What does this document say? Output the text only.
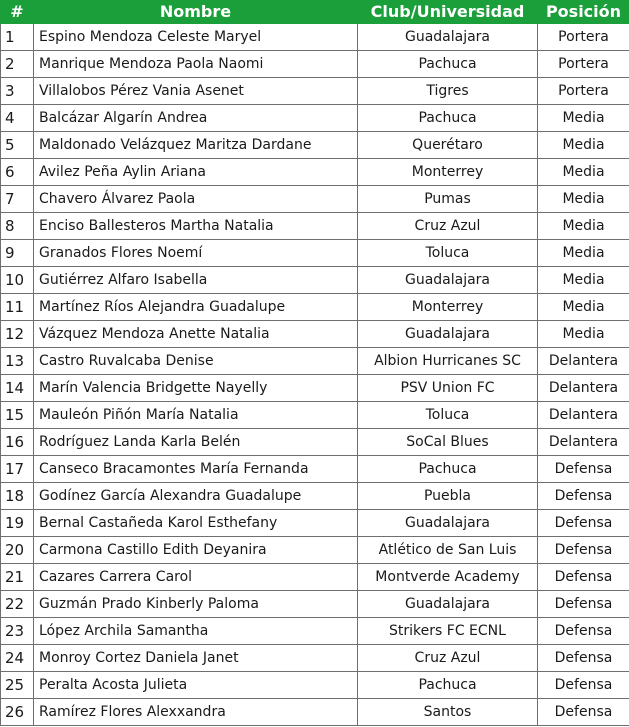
#	Nombre	Club/Universidad	Posición
1	Espino Mendoza Celeste Maryel	Guadalajara	Portera
2	Manrique Mendoza Paola Naomi	Pachuca	Portera
3	Villalobos Pérez Vania Asenet	Tigres	Portera
4	Balcázar Algarín Andrea	Pachuca	Media
5	Maldonado Velázquez Maritza Dardane	Querétaro	Media
6	Avilez Peña Aylin Ariana	Monterrey	Media
7	Chavero Álvarez Paola	Pumas	Media
8	Enciso Ballesteros Martha Natalia	Cruz Azul	Media
9	Granados Flores Noemí	Toluca	Media
10	Gutiérrez Alfaro Isabella	Guadalajara	Media
11	Martínez Ríos Alejandra Guadalupe	Monterrey	Media
12	Vázquez Mendoza Anette Natalia	Guadalajara	Media
13	Castro Ruvalcaba Denise	Albion Hurricanes SC	Delantera
14	Marín Valencia Bridgette Nayelly	PSV Union FC	Delantera
15	Mauleón Piñón María Natalia	Toluca	Delantera
16	Rodríguez Landa Karla Belén	SoCal Blues	Delantera
17	Canseco Bracamontes María Fernanda	Pachuca	Defensa
18	Godínez García Alexandra Guadalupe	Puebla	Defensa
19	Bernal Castañeda Karol Esthefany	Guadalajara	Defensa
20	Carmona Castillo Edith Deyanira	Atlético de San Luis	Defensa
21	Cazares Carrera Carol	Montverde Academy	Defensa
22	Guzmán Prado Kinberly Paloma	Guadalajara	Defensa
23	López Archila Samantha	Strikers FC ECNL	Defensa
24	Monroy Cortez Daniela Janet	Cruz Azul	Defensa
25	Peralta Acosta Julieta	Pachuca	Defensa
26	Ramírez Flores Alexxandra	Santos	Defensa
